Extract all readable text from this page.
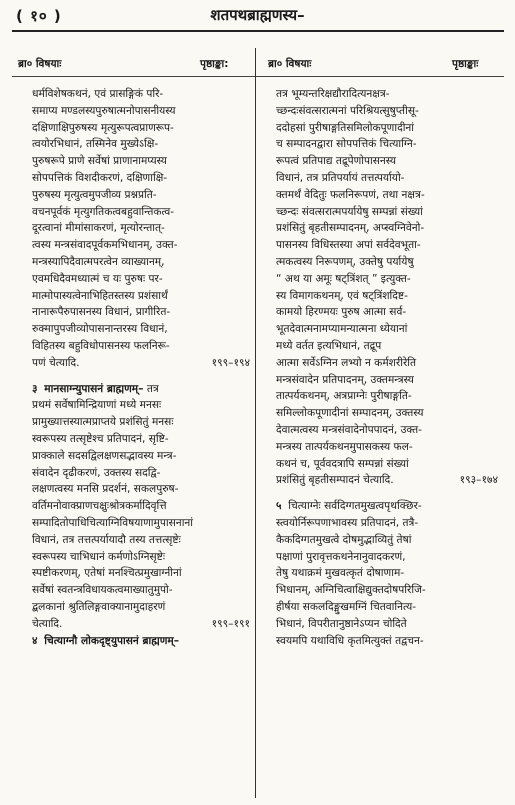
( १० )	शतपथब्राह्मणस्य–
ब्रा० विषयाः	पृष्ठाङ्का:	ब्रा० विषयाः	पृष्ठाङ्काः
धर्मविशेषकथनं, एवं प्रासङ्गिकं परि-
समाप्य मण्डलस्यपुरुषात्मनोपासनीयस्य
दक्षिणाक्षिपुरुषस्य मृत्युरूपत्वप्राणरूप-
त्वयोरभिधानं, तस्मिनेव मुख्येऽक्षि-
पुरुषरूपे प्राणे सर्वेषां प्राणानामप्यस्य
सोपपत्तिकं विशदीकरणं, दक्षिणाक्षि-
पुरुषस्य मृत्युत्वमुपजीव्य प्रश्नप्रति-
वचनपूर्वकं मृत्युगतिकत्वबहुवान्तिकत्व-
दूरत्वानां मीमांसाकरणं, मृत्योरन्तात्-
त्वस्य मन्त्रसंवादपूर्वकमभिधानम्, उक्त-
मन्त्रस्यापिदैवात्मपरत्वेन व्याख्यानम्,
एवमधिदैवमध्यात्मं च यः पुरुषः पर-
मात्मोपास्यत्वेनाभिहितस्तस्य प्रशंसार्थं
नानारूपैरुपासनस्य विधानं, प्रागीरित-
रुक्मापुपजीव्योपासनान्तरस्य विधानं,
विहितस्य बहुविधोपासनस्य फलनिरू-
पणं चेत्यादि.	१९९–१९४
३ मानसाग्न्युपासनं ब्राह्मणम्– तत्र
प्रथमं सर्वेषामिन्द्रियाणां मध्ये मनसः
प्रामुख्यात्तस्यात्मप्राप्तये प्रशंसितुं मनसः
स्वरूपस्य तत्सृष्टेश्च प्रतिपादनं, सृष्टि-
प्राक्काले सदसद्विलक्षणसद्भावस्य मन्त्र-
संवादेन दृढीकरणं, उक्तस्य सदद्वि-
लक्षणत्वस्य मनसि प्रदर्शनं, सकलपुरुष-
वर्तिमनोवाक्प्राणचक्षुःश्रोत्रकर्मादिवृत्ति
सम्पादितोपाधिचित्याग्निविषयाणामुपासनानां
विधानं, तत्र तत्तत्पर्यायादौ तस्य तत्तत्सृष्टेः
स्वरूपस्य चाभिधानं कर्मणोऽग्निसृष्टेः
स्पष्टीकरणम्, एतेषां मनश्चित्प्रमुखाग्नीनां
सर्वेषां स्वतन्त्रविधायकत्वमाख्यातुमुपो-
द्बलकानां श्रुतिलिङ्गवाक्यानामुदाहरणं
चेत्यादि.	१९९–१९१
४ चित्याग्नौ लोकदृष्ट्युपासनं ब्राह्मणम्–
तत्र भूम्यन्तरिक्षद्यौरादित्यनक्षत्र-
च्छन्दःसंवत्सरात्मनां परिश्रियत्सुषुप्तीसू-
ददोहसां पुरीषाङ्गतिसमिलोकपूणादीनां
च सम्पादनद्वारा सोपपत्तिकं चित्याग्नि-
रूपत्वं प्रतिपाद्य तद्रूपेणोपासनस्य
विधानं, तत्र प्रतिपर्यायं तत्तत्पर्यायो-
क्तमर्थं वेदितुः फलनिरूपणं, तथा नक्षत्र-
च्छन्दः संवत्सरात्मपर्यायेषु सम्पन्नां संख्यां
प्रशंसितुं बृहतीसम्पादनम्, अप्स्वग्निवेनो-
पासनस्य विधिस्तस्या अपां सर्वदेवभूता-
त्मकत्वस्य निरूपणम्, उक्तेषु पर्यायेषु
“ अथ या अमूः षट्त्रिंशत् ” इत्युक्त-
स्य विमागकथनम्, एवं षट्त्रिंशदिष्ट-
कामयो हिरण्मयः पुरुष आत्मा सर्व-
भूतदेवात्मनामप्यामन्यात्मना ध्येयानां
मध्ये वर्तत इत्यभिधानं, तद्रूप
आत्मा सर्वेऽग्निन लभ्यो न कर्मशरीरेति
मन्त्रसंवादेन प्रतिपादनम्, उक्तमन्त्रस्य
तात्पर्यकथनम्, अत्रप्राग्नेः पुरीषाङ्गति-
समिल्लोकपूणादीनां सम्पादनम्, उक्तस्य
देवात्मत्वस्य मन्त्रसंवादेनोपपादनं, उक्त-
मन्त्रस्य तात्पर्यकथनमुपासकस्य फल-
कथनं च, पूर्ववदत्रापि सम्पन्नां संख्यां
प्रशंसितुं बृहतीसम्पादनं चेत्यादि.	१९३–१७४
५ चित्याग्नेः सर्वदिग्गतमुखत्वपृथक्छिर-
स्त्वयोर्निरूपणाभावस्य प्रतिपादनं, तत्रै-
कैकदिग्गतमुखत्वे दोषमुद्भाव्यितुं तेषां
पक्षाणां पुरावृत्तकथनेनानुवादकरणं,
तेषु यथाक्रमं मुखवत्कृतं दोषाणाम-
भिधानम्, अग्निचित्वाक्षिद्युक्तदोषपरिजि-
हीर्षया सकलदिङ्मुखमग्निं चितवानित्य-
भिधानं, विपरीतानुष्ठानेऽप्यन चोदिते
स्वयमपि यथाविधि कृतमित्युक्तं तद्वचन-
